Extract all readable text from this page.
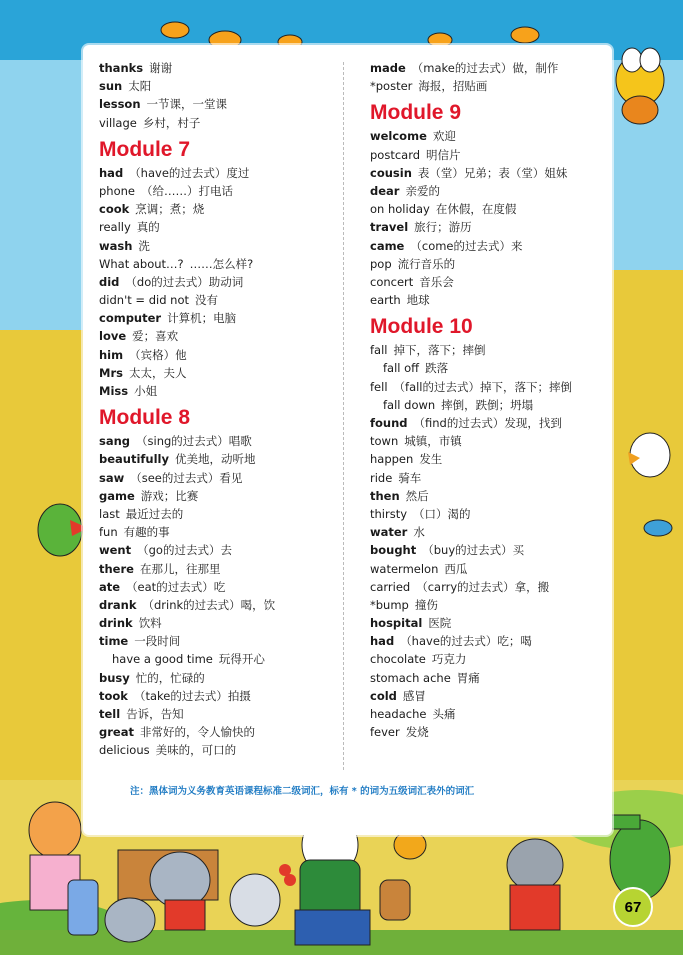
thanks 谢谢
sun 太阳
lesson 一节课，一堂课
village 乡村，村子
Module 7
had （have的过去式）度过
phone （给……）打电话
cook 烹调；煮；烧
really 真的
wash 洗
What about…? ……怎么样?
did （do的过去式）助动词
didn't = did not 没有
computer 计算机；电脑
love 爱；喜欢
him （宾格）他
Mrs 太太，夫人
Miss 小姐
Module 8
sang （sing的过去式）唱歌
beautifully 优美地，动听地
saw （see的过去式）看见
game 游戏；比赛
last 最近过去的
fun 有趣的事
went （go的过去式）去
there 在那儿，往那里
ate （eat的过去式）吃
drank （drink的过去式）喝，饮
drink 饮料
time 一段时间
have a good time 玩得开心
busy 忙的，忙碌的
took （take的过去式）拍摄
tell 告诉，告知
great 非常好的，令人愉快的
delicious 美味的，可口的
made （make的过去式）做，制作
*poster 海报，招贴画
Module 9
welcome 欢迎
postcard 明信片
cousin 表（堂）兄弟；表（堂）姐妹
dear 亲爱的
on holiday 在休假，在度假
travel 旅行；游历
came （come的过去式）来
pop 流行音乐的
concert 音乐会
earth 地球
Module 10
fall 掉下，落下；摔倒
fall off 跌落
fell （fall的过去式）掉下，落下；摔倒
fall down 摔倒，跌倒；坍塌
found （find的过去式）发现，找到
town 城镇，市镇
happen 发生
ride 骑车
then 然后
thirsty （口）渴的
water 水
bought （buy的过去式）买
watermelon 西瓜
carried （carry的过去式）拿，搬
*bump 撞伤
hospital 医院
had （have的过去式）吃；喝
chocolate 巧克力
stomach ache 胃痛
cold 感冒
headache 头痛
fever 发烧
注：黑体词为义务教育英语课程标准二级词汇，标有 * 的词为五级词汇表外的词汇
67
